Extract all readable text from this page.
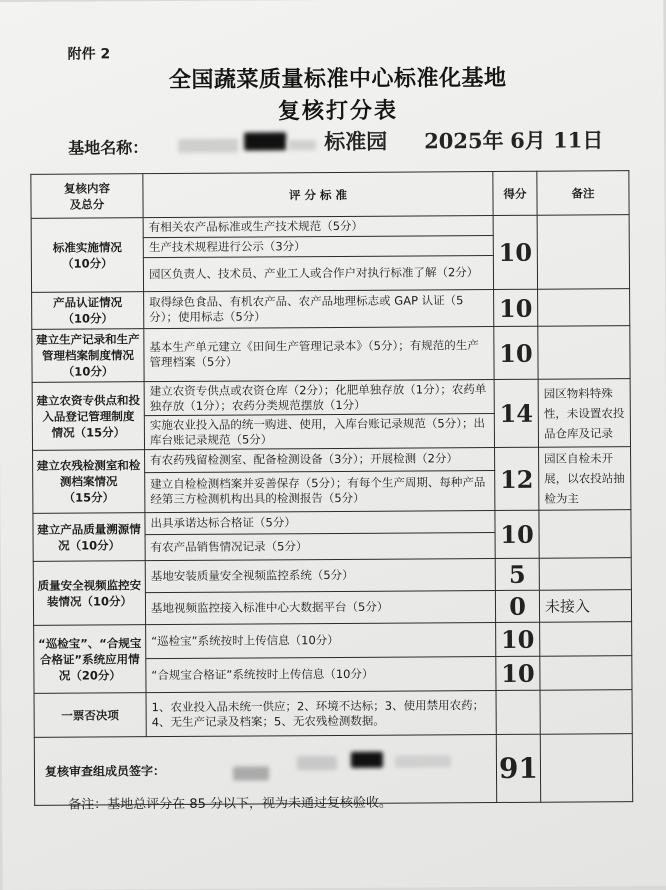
附件 2
全国蔬菜质量标准中心标准化基地
复核打分表
基地名称：	标准园 2025年 6月 11日
复核内容
及总分	评 分 标 准	得分	备注
标准实施情况
（10分）	有相关农产品标准或生产技术规范（5分）	10	
	生产技术规程进行公示（3分）		
	园区负责人、技术员、产业工人或合作户对执行标准了解（2分）		
产品认证情况
（10分）	取得绿色食品、有机农产品、农产品地理标志或 GAP 认证（5分）；使用标志（5分）	10	
建立生产记录和生产管理档案制度情况（10分）	基本生产单元建立《田间生产管理记录本》（5分）；有规范的生产管理档案（5分）	10	
建立农资专供点和投入品登记管理制度 情况（15分）	建立农资专供点或农资仓库（2分）；化肥单独存放（1分）；农药单独存放（1分）；农药分类规范摆放（1分）	14	园区物料特殊性，未设置农投品仓库及记录
	实施农业投入品的统一购进、使用，入库台账记录规范（5分）；出库台账记录规范（5分）		
建立农残检测室和检测档案情况
（15分）	有农药残留检测室、配备检测设备（3分）；开展检测（2分）	12	园区自检未开展，以农投站抽检为主
	建立自检检测档案并妥善保存（5分）；有每个生产周期、每种产品经第三方检测机构出具的检测报告（5分）		
建立产品质量溯源情况（10分）	出具承诺达标合格证（5分）	10	
	有农产品销售情况记录（5分）		
质量安全视频监控安装情况（10分）	基地安装质量安全视频监控系统（5分）	5	
	基地视频监控接入标准中心大数据平台（5分）	0	未接入
“巡检宝”、“合规宝合格证”系统应用情况（20分）	“巡检宝”系统按时上传信息（10分）	10	
	“合规宝合格证”系统按时上传信息（10分）	10	
一票否决项	1、农业投入品未统一供应；2、环境不达标；3、使用禁用农药；4、无生产记录及档案；5、无农残检测数据。		
复核审查组成员签字：		91	
备注：基地总评分在 85 分以下，视为未通过复核验收。
